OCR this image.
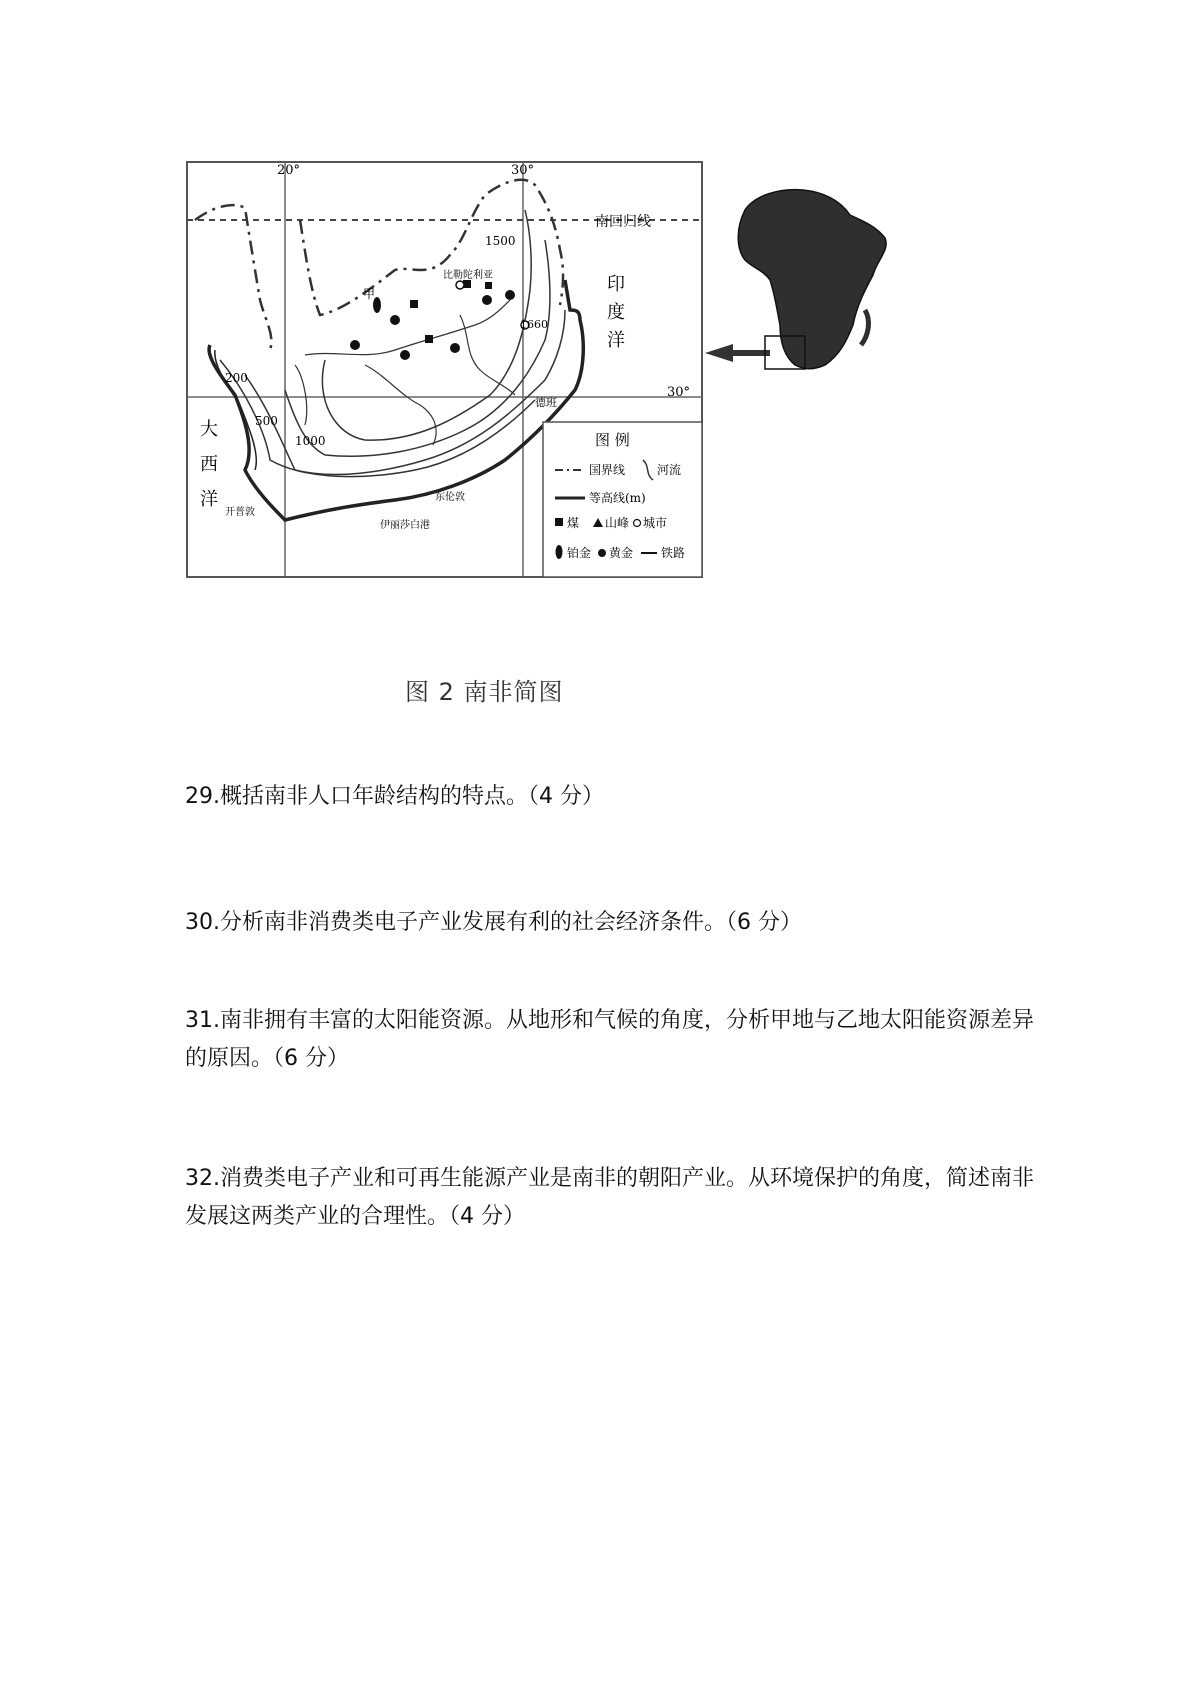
20°	30°
30°
南回归线
印
度
洋
大
西
洋
1500
1000
500
200
1660
比勒陀利亚
德班
东伦敦
伊丽莎白港
开普敦
甲
图 例
国界线	河流
等高线(m)
煤 山峰 城市
铂金 黄金 铁路
图 2 南非简图
29.概括南非人口年龄结构的特点。（4 分）
30.分析南非消费类电子产业发展有利的社会经济条件。（6 分）
31.南非拥有丰富的太阳能资源。从地形和气候的角度，分析甲地与乙地太阳能资源差异的原因。（6 分）
32.消费类电子产业和可再生能源产业是南非的朝阳产业。从环境保护的角度，简述南非发展这两类产业的合理性。（4 分）
